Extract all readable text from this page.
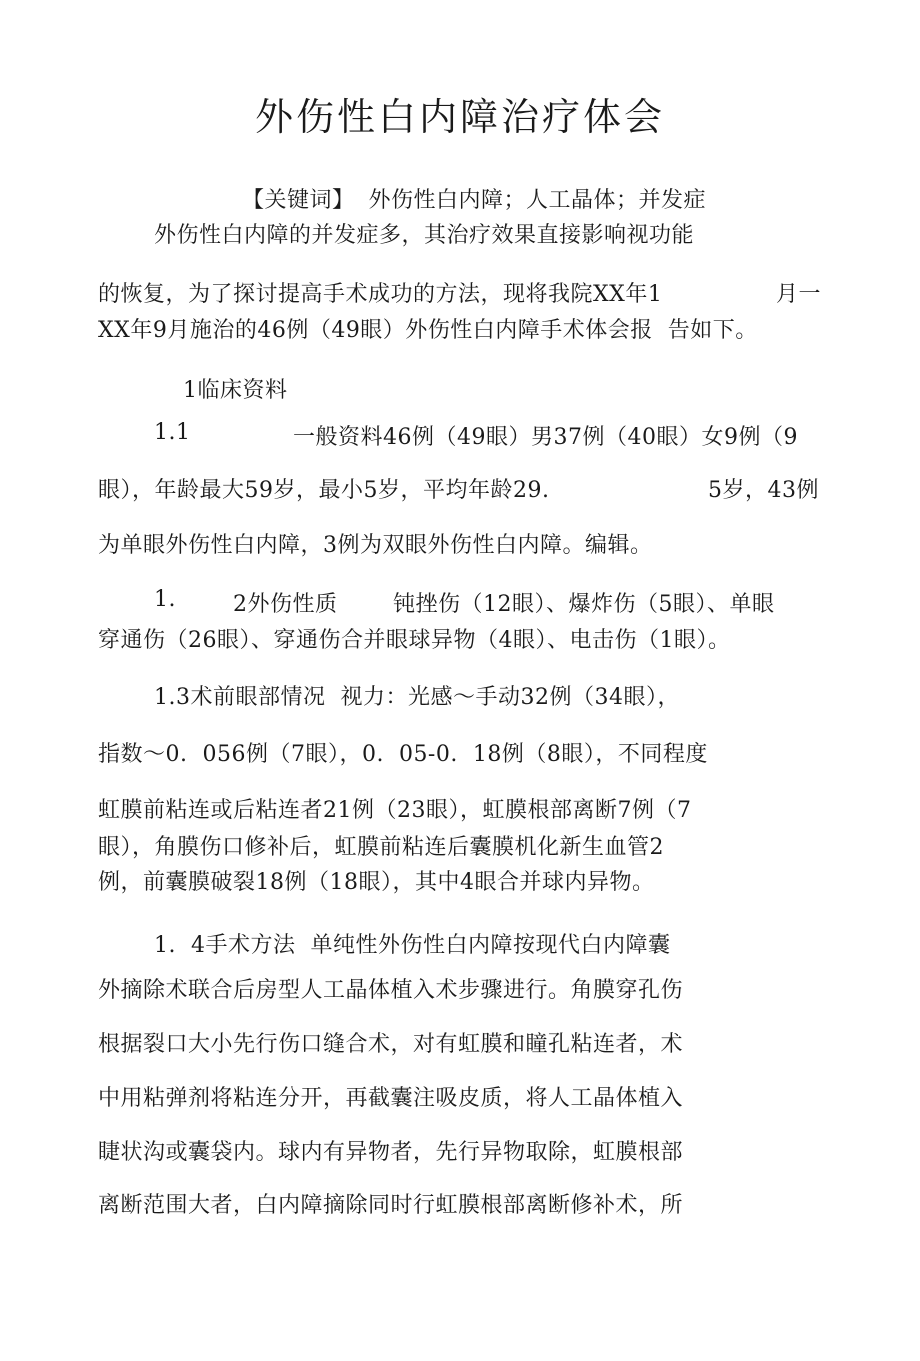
外伤性白内障治疗体会

【关键词】 外伤性白内障；人工晶体；并发症

外伤性白内障的并发症多，其治疗效果直接影响视功能
的恢复，为了探讨提高手术成功的方法，现将我院XX年1	月一
XX年9月施治的46例（49眼）外伤性白内障手术体会报  告如下。
1临床资料
1.1	一般资料46例（49眼）男37例（40眼）女9例（9
眼），年龄最大59岁，最小5岁，平均年龄29.	5岁，43例
为单眼外伤性白内障，3例为双眼外伤性白内障。编辑。
1.	2外伤性质	钝挫伤（12眼）、爆炸伤（5眼）、单眼
穿通伤（26眼）、穿通伤合并眼球异物（4眼）、电击伤（1眼）。
1.3术前眼部情况  视力：光感～手动32例（34眼），
指数～0.  056例（7眼），0.  05-0.  18例（8眼），不同程度
虹膜前粘连或后粘连者21例（23眼），虹膜根部离断7例（7
眼），角膜伤口修补后，虹膜前粘连后囊膜机化新生血管2
例，前囊膜破裂18例（18眼），其中4眼合并球内异物。
1.  4手术方法  单纯性外伤性白内障按现代白内障囊
外摘除术联合后房型人工晶体植入术步骤进行。角膜穿孔伤
根据裂口大小先行伤口缝合术，对有虹膜和瞳孔粘连者，术
中用粘弹剂将粘连分开，再截囊注吸皮质，将人工晶体植入
睫状沟或囊袋内。球内有异物者，先行异物取除，虹膜根部
离断范围大者，白内障摘除同时行虹膜根部离断修补术，所
